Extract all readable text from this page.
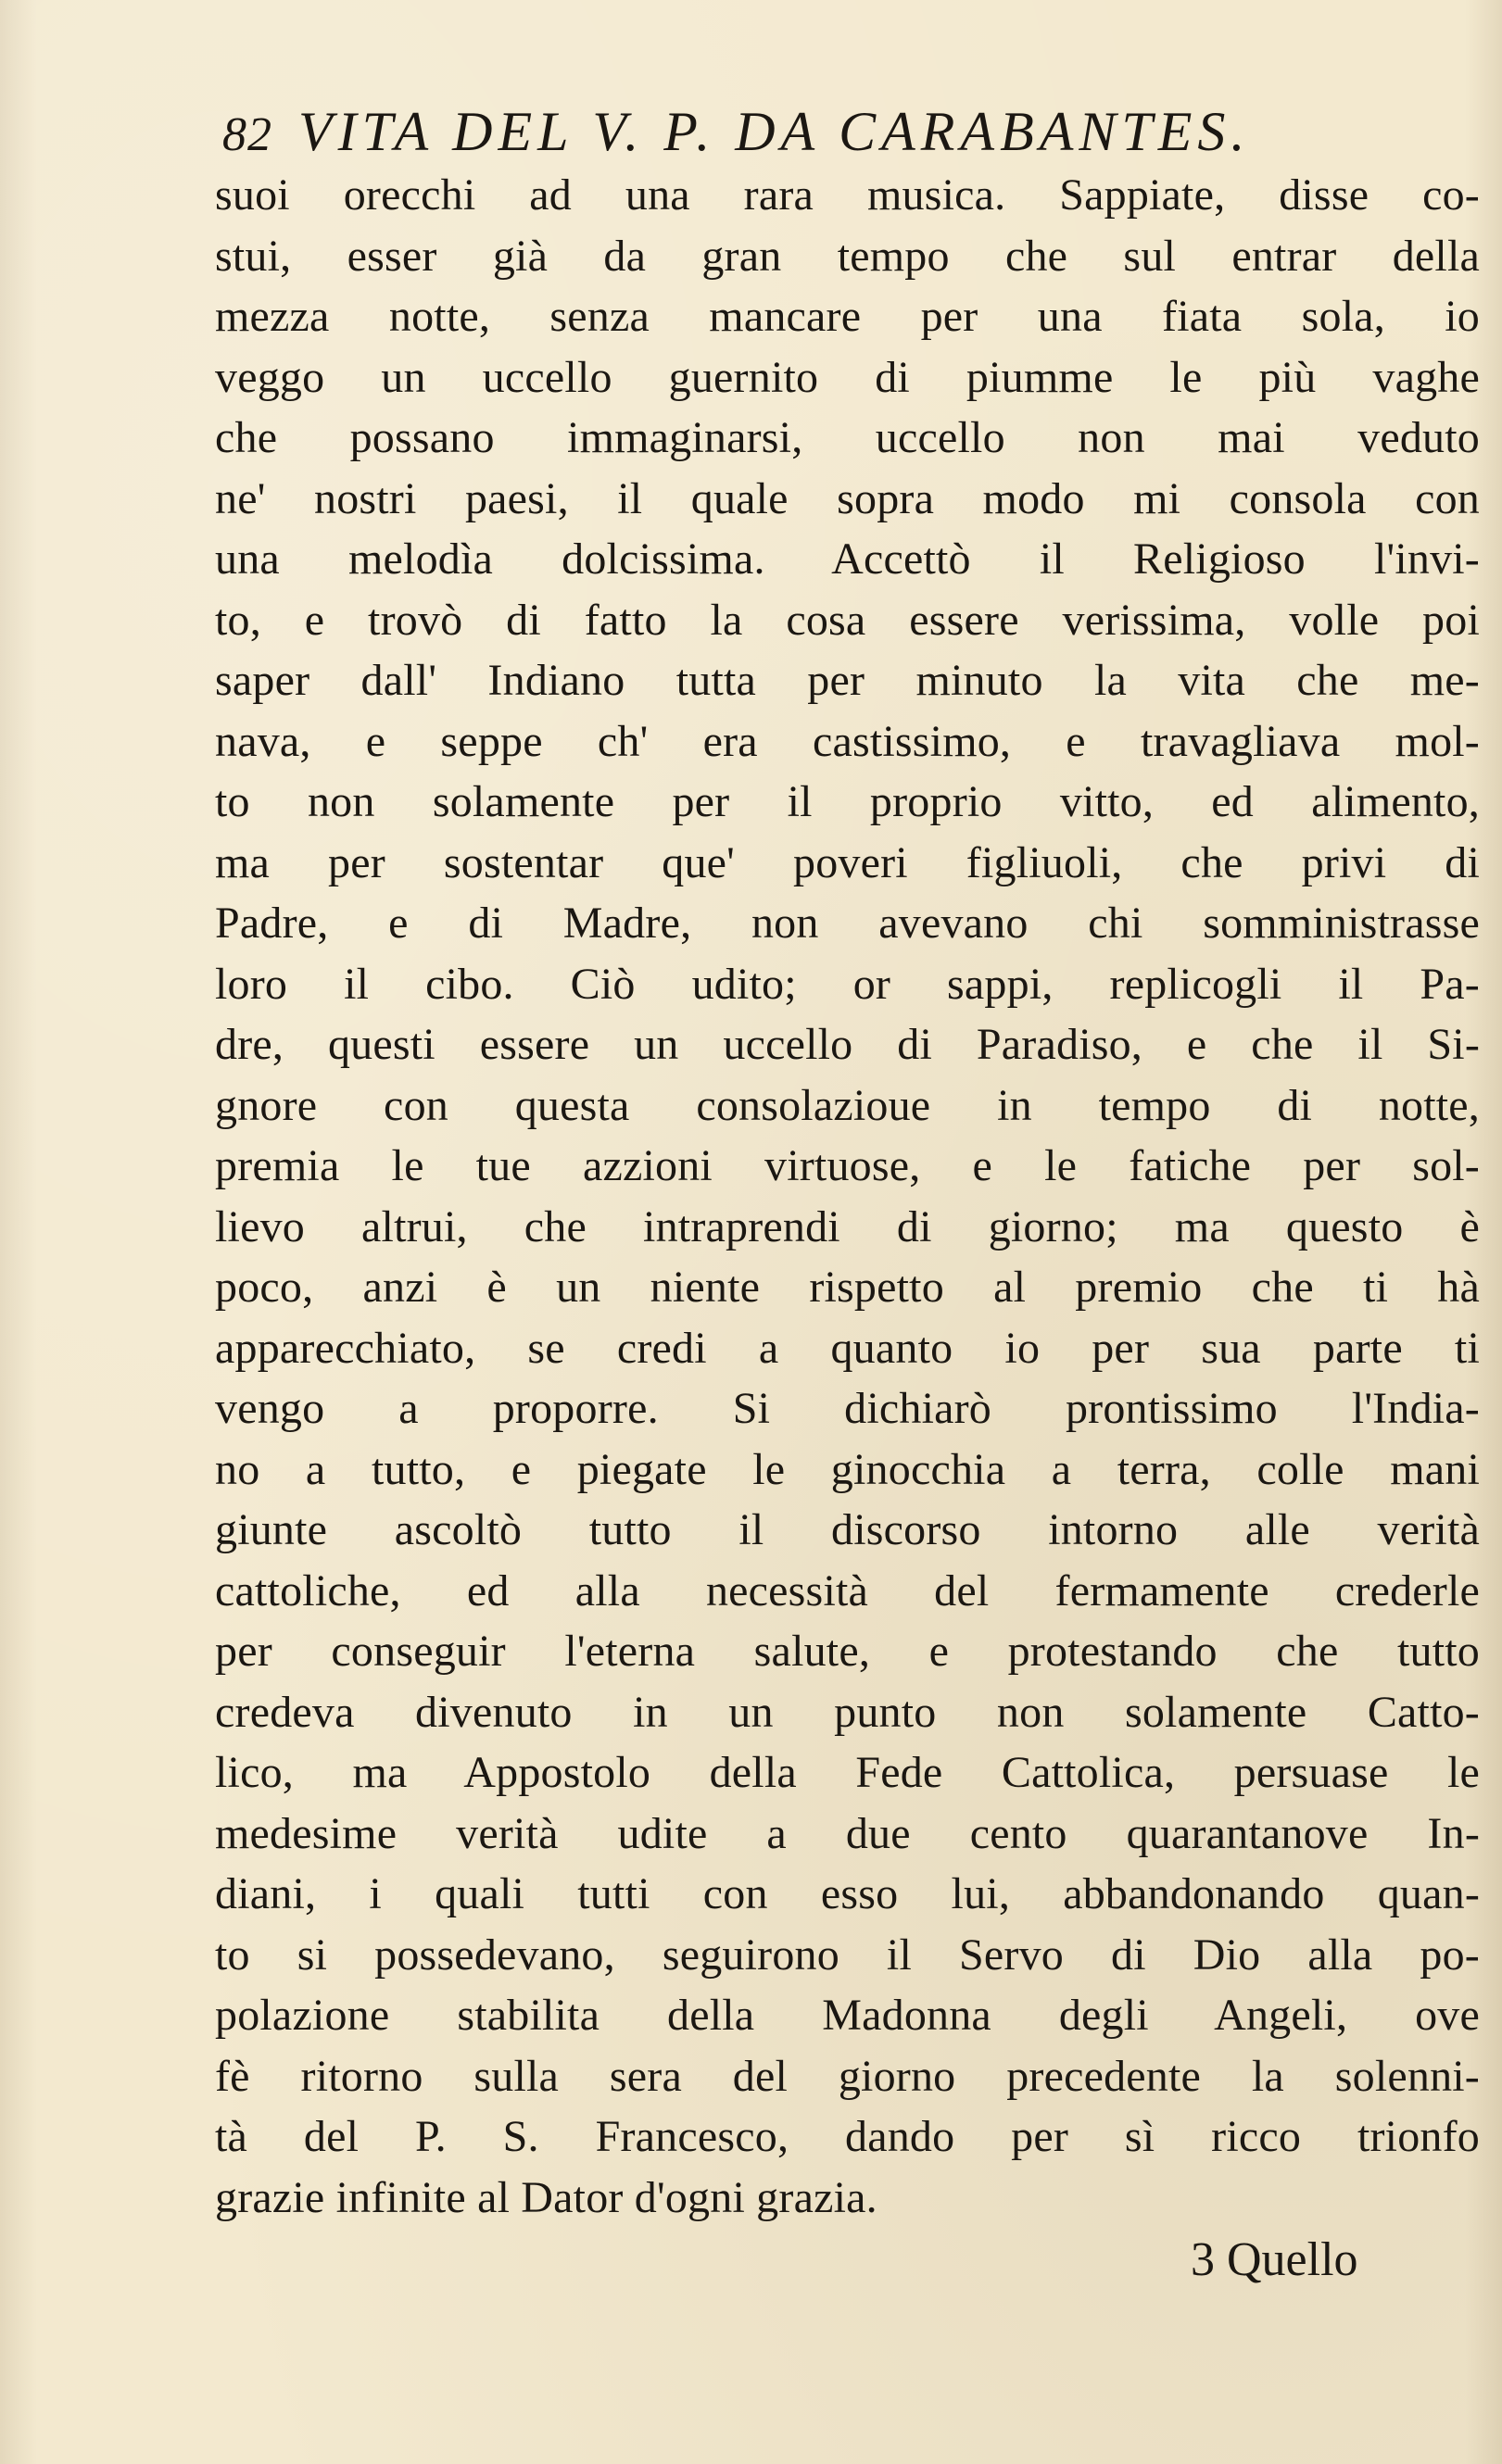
82 VITA DEL V. P. DA CARABANTES.
suoi orecchi ad una rara musica. Sappiate, disse co-
stui, esser già da gran tempo che sul entrar della
mezza notte, senza mancare per una fiata sola, io
veggo un uccello guernito di piumme le più vaghe
che possano immaginarsi, uccello non mai veduto
ne' nostri paesi, il quale sopra modo mi consola con
una melodìa dolcissima. Accettò il Religioso l'invi-
to, e trovò di fatto la cosa essere verissima, volle poi
saper dall' Indiano tutta per minuto la vita che me-
nava, e seppe ch' era castissimo, e travagliava mol-
to non solamente per il proprio vitto, ed alimento,
ma per sostentar que' poveri figliuoli, che privi di
Padre, e di Madre, non avevano chi somministrasse
loro il cibo. Ciò udito; or sappi, replicogli il Pa-
dre, questi essere un uccello di Paradiso, e che il Si-
gnore con questa consolazioue in tempo di notte,
premia le tue azzioni virtuose, e le fatiche per sol-
lievo altrui, che intraprendi di giorno; ma questo è
poco, anzi è un niente rispetto al premio che ti hà
apparecchiato, se credi a quanto io per sua parte ti
vengo a proporre. Si dichiarò prontissimo l'India-
no a tutto, e piegate le ginocchia a terra, colle mani
giunte ascoltò tutto il discorso intorno alle verità
cattoliche, ed alla necessità del fermamente crederle
per conseguir l'eterna salute, e protestando che tutto
credeva divenuto in un punto non solamente Catto-
lico, ma Appostolo della Fede Cattolica, persuase le
medesime verità udite a due cento quarantanove In-
diani, i quali tutti con esso lui, abbandonando quan-
to si possedevano, seguirono il Servo di Dio alla po-
polazione stabilita della Madonna degli Angeli, ove
fè ritorno sulla sera del giorno precedente la solenni-
tà del P. S. Francesco, dando per sì ricco trionfo
grazie infinite al Dator d'ogni grazia.
3 Quello
